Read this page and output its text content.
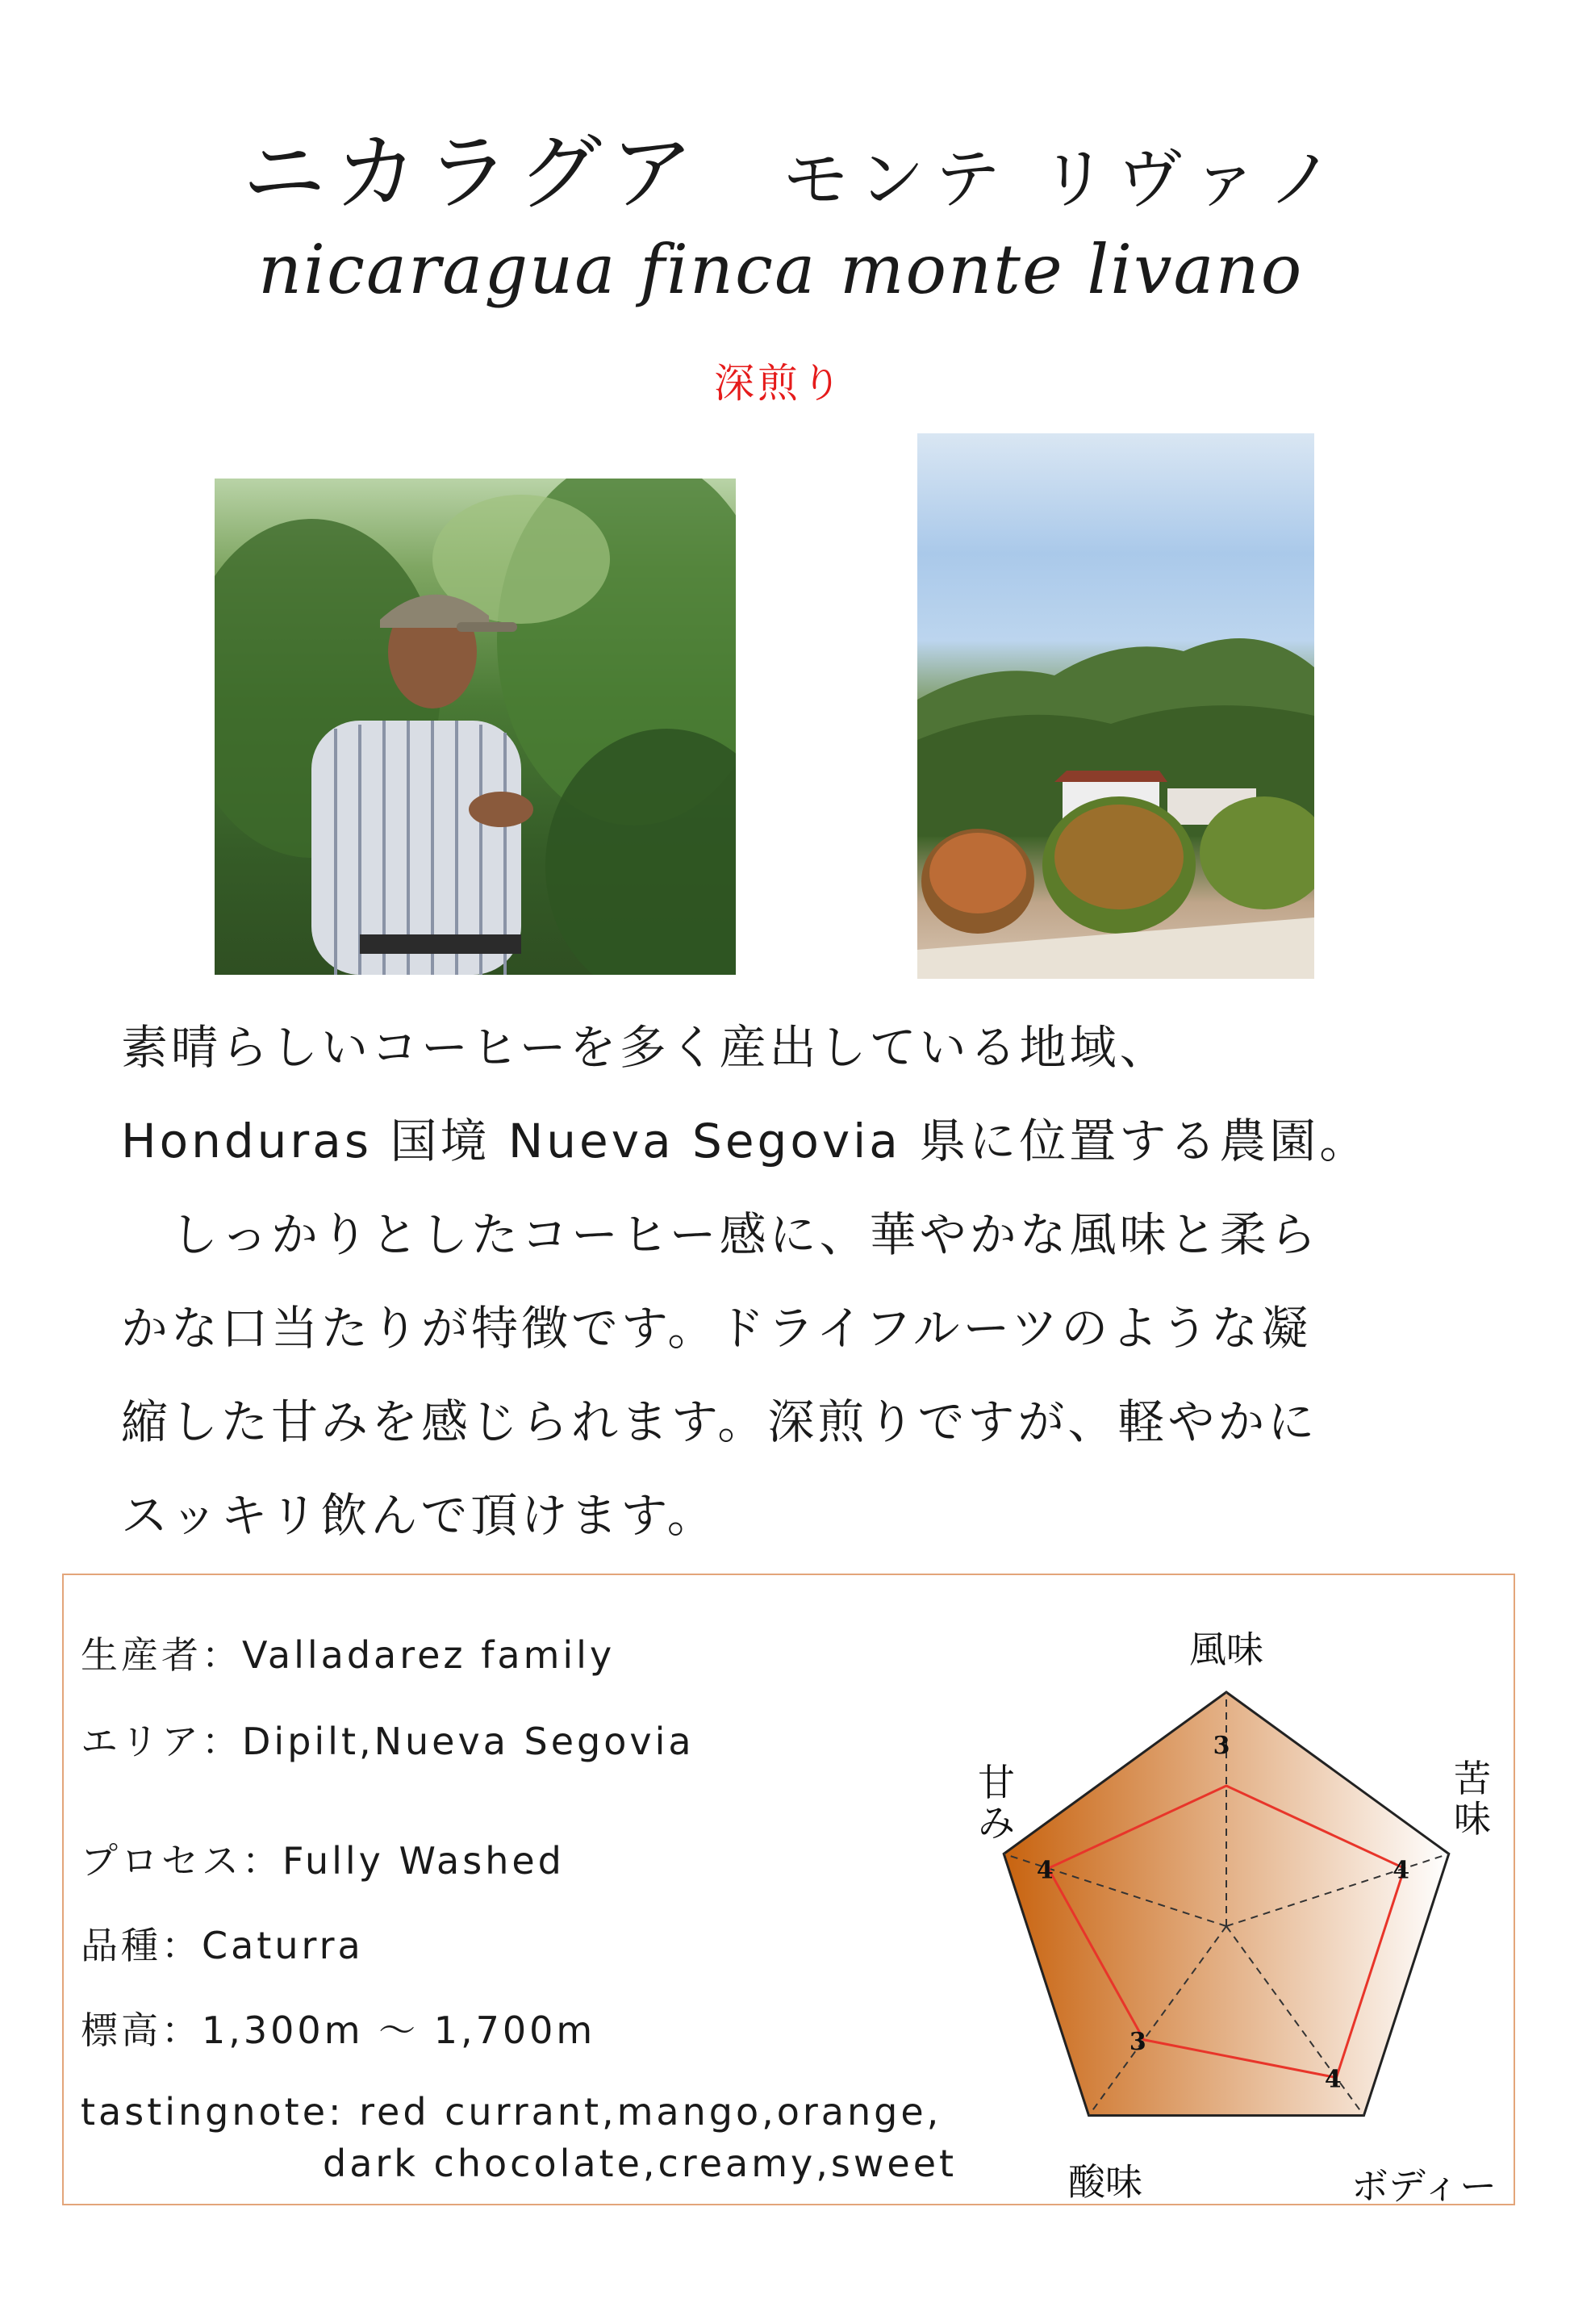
ニカラグア モンテ リヴァノ
nicaragua finca monte livano
深煎り

素晴らしいコーヒーを多く産出している地域、

Honduras 国境 Nueva Segovia 県に位置する農園。

　しっかりとしたコーヒー感に、華やかな風味と柔ら

かな口当たりが特徴です。ドライフルーツのような凝

縮した甘みを感じられます。深煎りですが、軽やかに

スッキリ飲んで頂けます。

生産者：Valladarez family
エリア：Dipilt,Nueva Segovia
プロセス：Fully Washed
品種：Caturra
標高：1,300m ～ 1,700m
tastingnote: red currant,mango,orange,
dark chocolate,creamy,sweet
3
4
4
3
4
風味
苦味
ボディー
酸味
甘み
